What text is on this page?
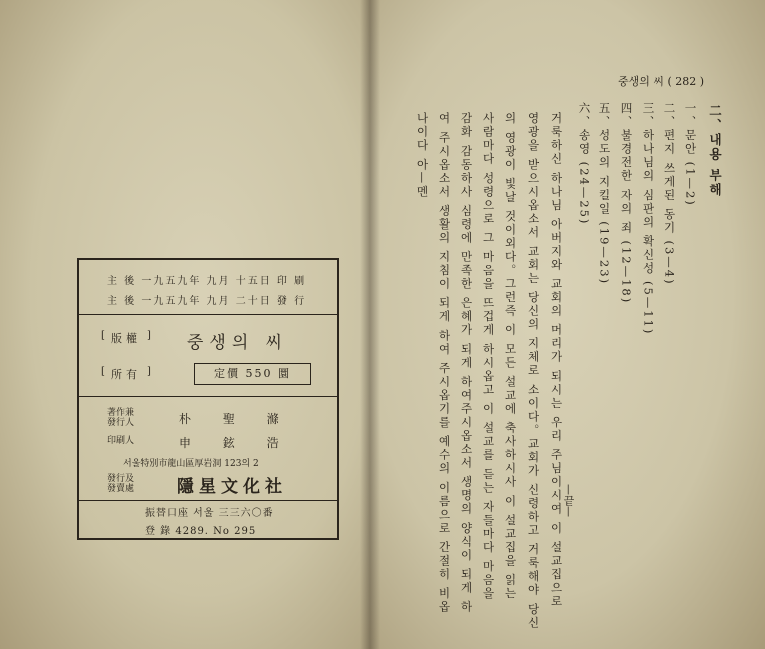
主 後 一九五九年 九月 十五日 印 刷
主 後 一九五九年 九月 二十日 發 行
[	]
版權
[	]
所有
중생의 씨
定價 550 圜
著作兼 發行人	朴 聖 滌
印刷人	申 鉉 浩
서울特別市龍山區厚岩洞 123의 2
發行及 發賣處	隱星文化社
振替口座 서울 三三六〇番
登 錄 4289. No 295
중생의 씨 ( 282 )
—끝—
二、내용 부해
一、문안 (1—2)
二、편지 쓰게된 동기 (3—4)
三、하나님의 심판의 확신성 (5—11)
四、불경전한 자의 죄 (12—18)
五、성도의 지킬일 (19—23)
六、송영 (24—25)
거룩하신 하나님 아버지와 교회의 머리가 되시는 우리 주님이시여 이 설교집으로
영광을 받으시옵소서 교회는 당신의 지체로 소이다。교회가 신령하고 거룩해야 당신
의 영광이 빛날 것이외다。그런즉 이 모든 설교에 축사하시사 이 설교집을 읽는
사람마다 성령으로 그 마음을 뜨겁게 하시옵고 이 설교를 듣는 자들마다 마음을
감화 감동하사 심령에 만족한 은혜가 되게 하여주시옵소서 생명의 양식이 되게 하
여 주시옵소서 생활의 지침이 되게 하여 주시옵기를 예수의 이름으로 간절히 비옵
나이다 아—멘
